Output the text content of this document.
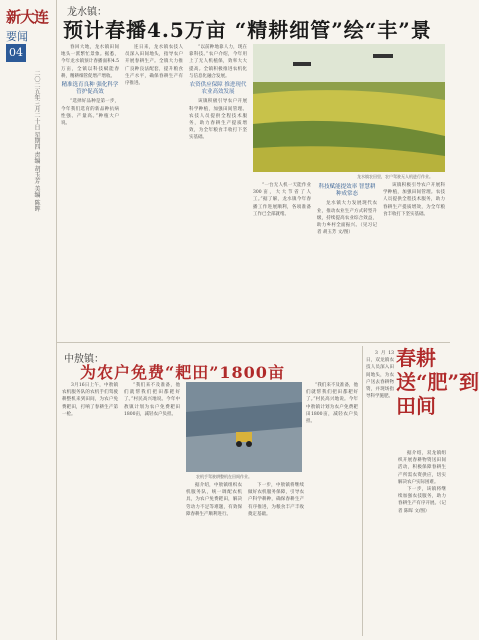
新大连
要闻
04
二〇二五年三月二十日 星期四 责编 胡玉芳 美编 陈晖
龙水镇：
预计春播4.5万亩 “精耕细管”绘“丰”景

春回大地，龙水镇田间地头一派繁忙景象。据悉，今年龙水镇预计春播面积4.5万亩，全镇以科技赋能春耕，精耕细管促增产增收。

精准选育良种 强化科学管护促高效

“选择好品种是第一步，今年我们选育的新品种抗病性强、产量高。”种植大户说。

连日来，龙水镇农技人员深入田间地头，指导农户开展春耕生产。全镇大力推广良种良法配套，提升粮食生产水平，确保春耕生产有序推进。

“以前种地靠人力，现在靠科技。”农户介绍，今年用上了无人机植保，效率大大提高。全镇积极推进农机化与信息化融合发展。

农资供应保障 推进现代农业高效发展

该镇积极引导农户开展科学种植，加强田间管理。农技人员提供全程技术服务，助力春耕生产提质增效，为全年粮食丰收打下坚实基础。

龙水镇农田里，农户驾驶无人机进行作业。

“一台无人机一天能作业300亩，大大节省了人工。”据了解，龙水镇今年春播工作进展顺利，各项准备工作已全部就绪。

科技赋能提效率 智慧耕种成常态

龙水镇大力发展现代农业，推动农业生产方式转型升级，持续提高农业综合效益，助力乡村全面振兴。（见习记者 胡玉芳 文/图）

该镇积极引导农户开展科学种植，加强田间管理。农技人员提供全程技术服务，助力春耕生产提质增效，为全年粮食丰收打下坚实基础。

中敖镇：
为农户免费“耙田”1800亩

3月16日上午，中敖镇农机服务队的农机手们驾驶耕整机来到田间，为农户免费耙田，打响了春耕生产第一枪。

“我们来不及准备，他们就帮我们把田都耙好了。”村民高兴地说。今年中敖镇计划为农户免费耙田1800亩，减轻农户负担。

农机手驾驶耕整机在田间作业。

据介绍，中敖镇组织农机服务队，统一调配农机具，为农户免费耙田，解决劳动力不足等难题，有效保障春耕生产顺利进行。

下一步，中敖镇将继续做好农机服务保障，引导农户科学耕种，确保春耕生产有序推进，为粮食丰产丰收奠定基础。

“我们来不及准备，他们就帮我们把田都耙好了。”村民高兴地说。今年中敖镇计划为农户免费耙田1800亩，减轻农户负担。

3月13日，双龙镇农技人员深入田间地头，为农户送去春耕物资，并现场指导科学施肥。

春耕送“肥”到田间

据介绍，双龙镇组织开展春耕物资送田间活动，积极保障春耕生产所需农资供应，切实解决农户实际困难。

下一步，该镇将继续加强农技服务，助力春耕生产有序开展。（记者 陈晖 文/图）
